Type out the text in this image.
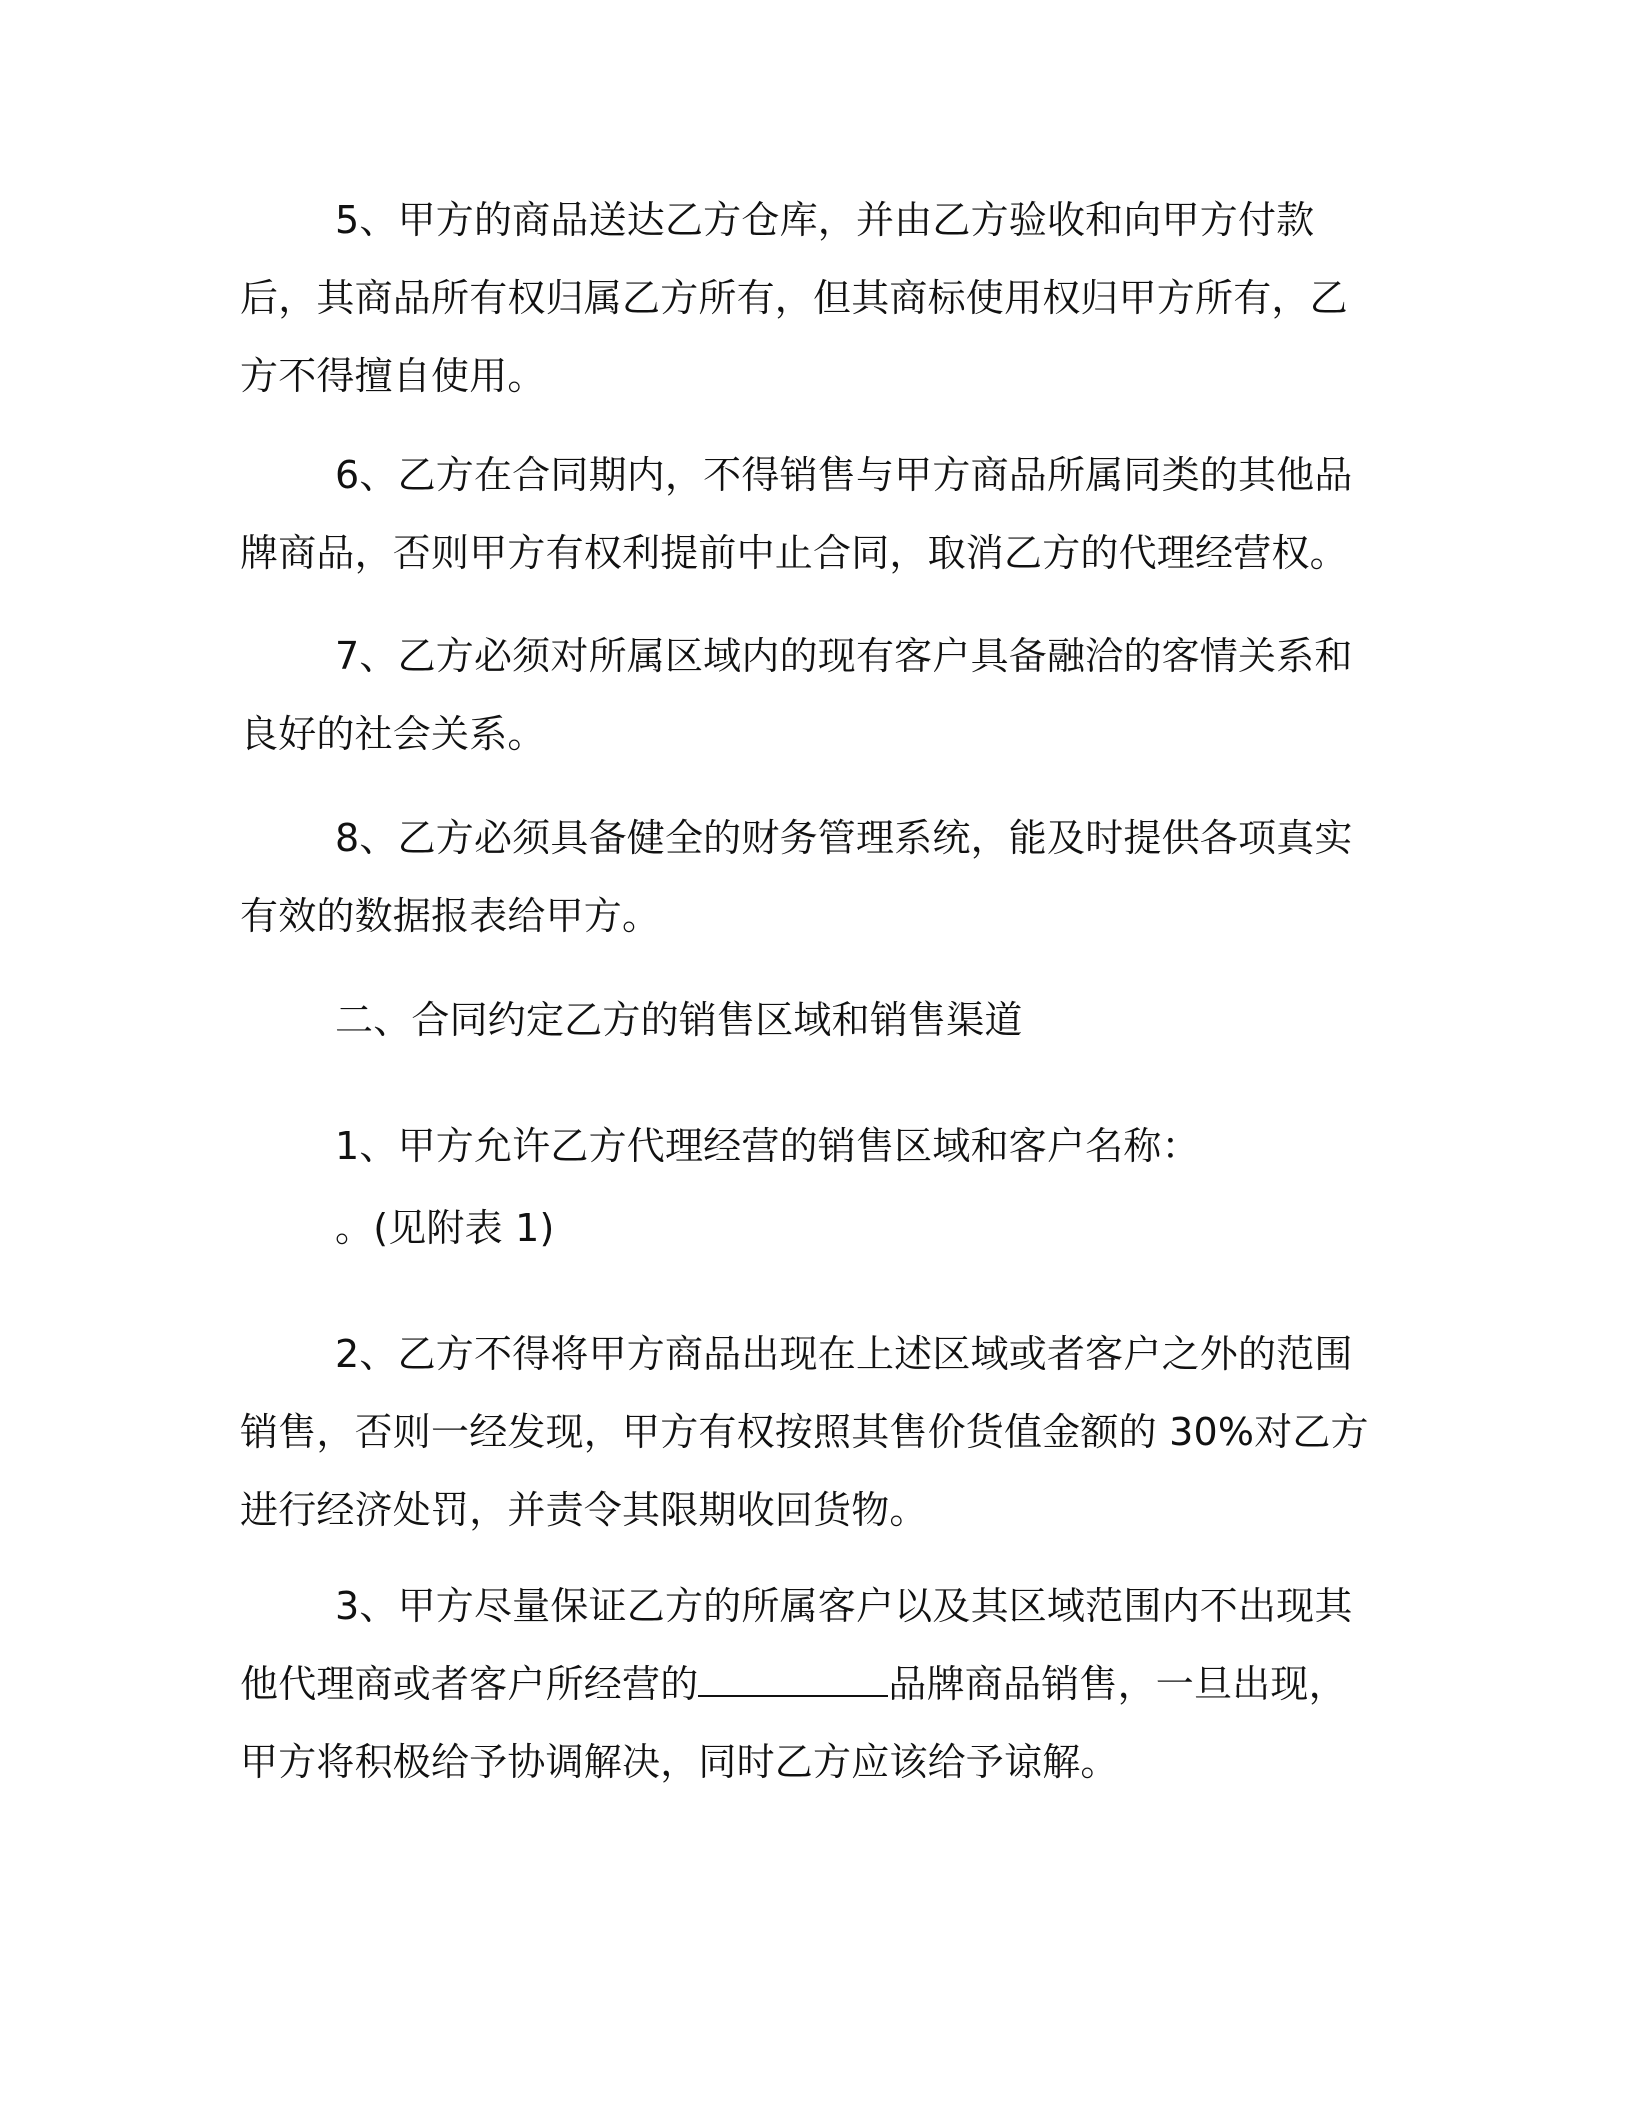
5、甲方的商品送达乙方仓库，并由乙方验收和向甲方付款后，其商品所有权归属乙方所有，但其商标使用权归甲方所有，乙方不得擅自使用。

6、乙方在合同期内，不得销售与甲方商品所属同类的其他品牌商品，否则甲方有权利提前中止合同，取消乙方的代理经营权。

7、乙方必须对所属区域内的现有客户具备融洽的客情关系和良好的社会关系。

8、乙方必须具备健全的财务管理系统，能及时提供各项真实有效的数据报表给甲方。

二、合同约定乙方的销售区域和销售渠道

1、甲方允许乙方代理经营的销售区域和客户名称：

。(见附表 1)

2、乙方不得将甲方商品出现在上述区域或者客户之外的范围销售，否则一经发现，甲方有权按照其售价货值金额的 30%对乙方进行经济处罚，并责令其限期收回货物。

3、甲方尽量保证乙方的所属客户以及其区域范围内不出现其他代理商或者客户所经营的	品牌商品销售，一旦出现，甲方将积极给予协调解决，同时乙方应该给予谅解。
